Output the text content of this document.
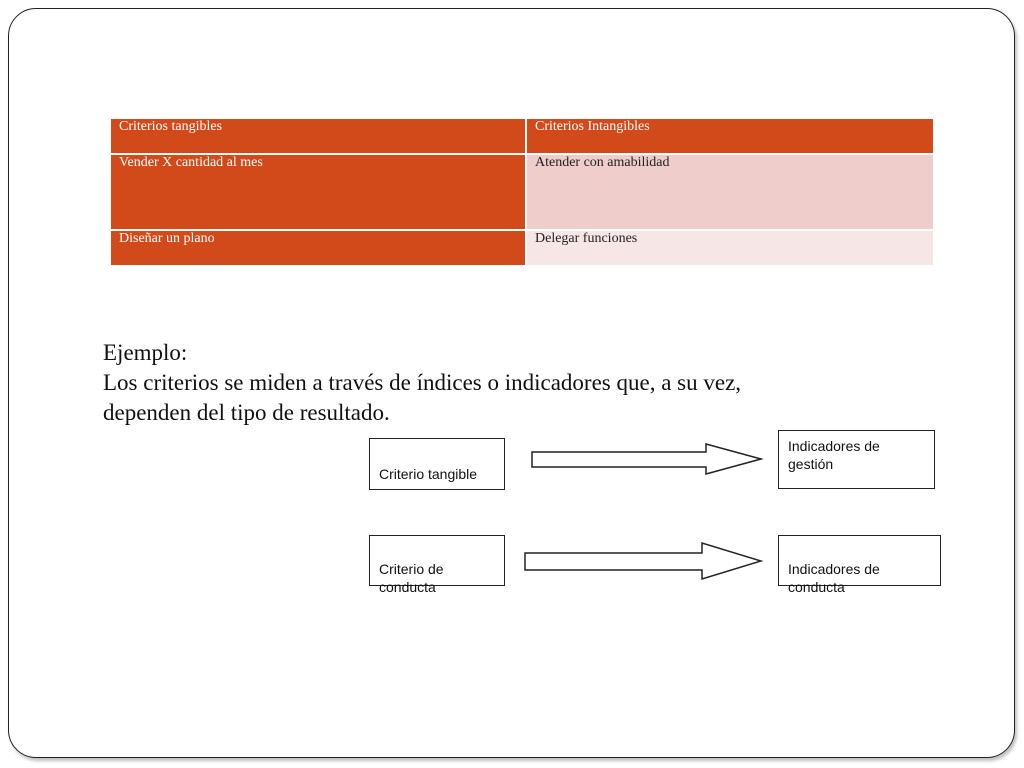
Criterios tangibles	Criterios Intangibles
Vender X cantidad al mes	Atender con amabilidad
Diseñar un plano	Delegar funciones
Ejemplo:
Los criterios se miden a través de índices o indicadores que, a su vez,
dependen del tipo de resultado.
Criterio tangible
Indicadores de gestión
Criterio de conducta
Indicadores de conducta
